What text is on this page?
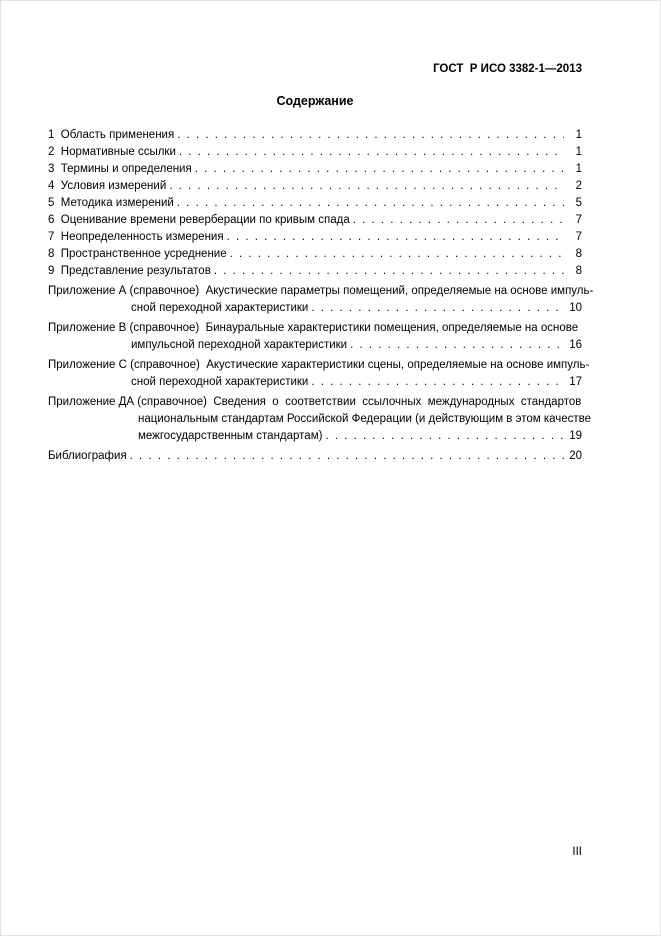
ГОСТ  Р ИСО 3382-1—2013
Содержание
1  Область применения . . .	1
2  Нормативные ссылки . . .	1
3  Термины и определения . . .	1
4  Условия измерений . . .	2
5  Методика измерений . . .	5
6  Оценивание времени реверберации по кривым спада . . .	7
7  Неопределенность измерения . . .	7
8  Пространственное усреднение . . .	8
9  Представление результатов . . .	8
Приложение А (справочное)  Акустические параметры помещений, определяемые на основе импуль-
сной переходной характеристики . . .	10
Приложение В (справочное)  Бинауральные характеристики помещения, определяемые на основе
импульсной переходной характеристики . . .	16
Приложение С (справочное)  Акустические характеристики сцены, определяемые на основе импуль-
сной переходной характеристики . . .	17
Приложение ДА (справочное)  Сведения  о  соответствии  ссылочных  международных  стандартов
национальным стандартам Российской Федерации (и действующим в этом качестве
межгосударственным стандартам) . . .	19
Библиография . . .	20
III
